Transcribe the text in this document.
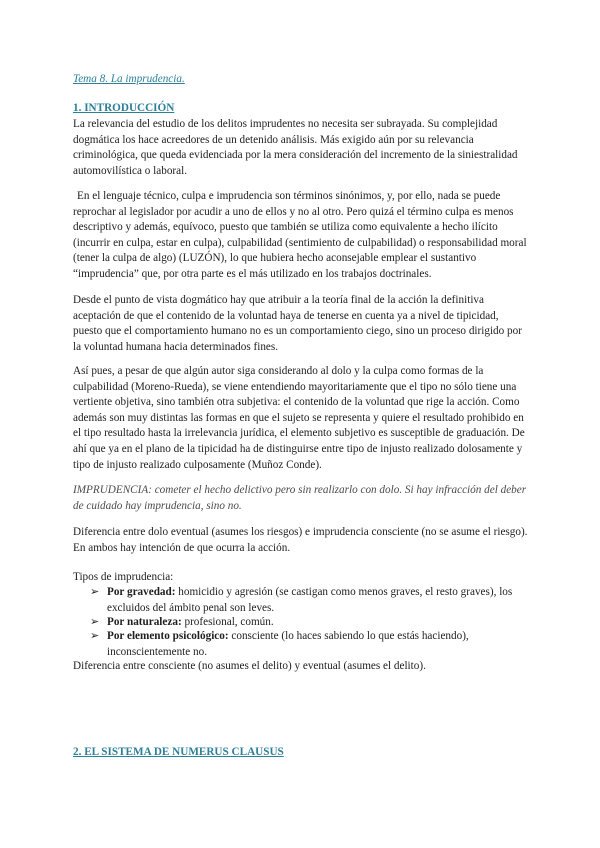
Tema 8. La imprudencia.

1. INTRODUCCIÓN

La relevancia del estudio de los delitos imprudentes no necesita ser subrayada. Su complejidad dogmática los hace acreedores de un detenido análisis. Más exigido aún por su relevancia criminológica, que queda evidenciada por la mera consideración del incremento de la siniestralidad automovilística o laboral.

En el lenguaje técnico, culpa e imprudencia son términos sinónimos, y, por ello, nada se puede reprochar al legislador por acudir a uno de ellos y no al otro. Pero quizá el término culpa es menos descriptivo y además, equívoco, puesto que también se utiliza como equivalente a hecho ilícito (incurrir en culpa, estar en culpa), culpabilidad (sentimiento de culpabilidad) o responsabilidad moral (tener la culpa de algo) (LUZÓN), lo que hubiera hecho aconsejable emplear el sustantivo “imprudencia” que, por otra parte es el más utilizado en los trabajos doctrinales.

Desde el punto de vista dogmático hay que atribuir a la teoría final de la acción la definitiva aceptación de que el contenido de la voluntad haya de tenerse en cuenta ya a nivel de tipicidad, puesto que el comportamiento humano no es un comportamiento ciego, sino un proceso dirigido por la voluntad humana hacia determinados fines.

Así pues, a pesar de que algún autor siga considerando al dolo y la culpa como formas de la culpabilidad (Moreno-Rueda), se viene entendiendo mayoritariamente que el tipo no sólo tiene una vertiente objetiva, sino también otra subjetiva: el contenido de la voluntad que rige la acción. Como además son muy distintas las formas en que el sujeto se representa y quiere el resultado prohibido en el tipo resultado hasta la irrelevancia jurídica, el elemento subjetivo es susceptible de graduación. De ahí que ya en el plano de la tipicidad ha de distinguirse entre tipo de injusto realizado dolosamente y tipo de injusto realizado culposamente (Muñoz Conde).

IMPRUDENCIA: cometer el hecho delictivo pero sin realizarlo con dolo. Si hay infracción del deber de cuidado hay imprudencia, sino no.

Diferencia entre dolo eventual (asumes los riesgos) e imprudencia consciente (no se asume el riesgo). En ambos hay intención de que ocurra la acción.

Tipos de imprudencia:

➢ Por gravedad: homicidio y agresión (se castigan como menos graves, el resto graves), los excluidos del ámbito penal son leves.
➢ Por naturaleza: profesional, común.
➢ Por elemento psicológico: consciente (lo haces sabiendo lo que estás haciendo), inconscientemente no.

Diferencia entre consciente (no asumes el delito) y eventual (asumes el delito).

2. EL SISTEMA DE NUMERUS CLAUSUS
